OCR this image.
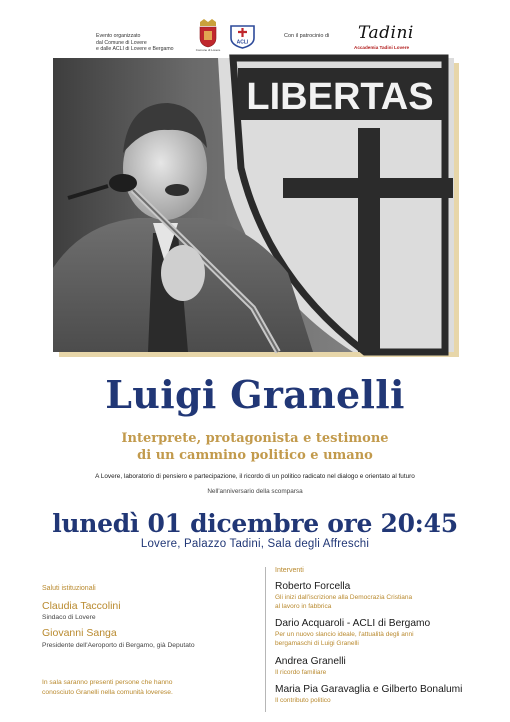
Evento organizzato
dal Comune di Lovere
e dalle ACLI di Lovere e Bergamo	Comune di Lovere
ACLI
Con il patrocinio di Tadini
Accademia Tadini Lovere
LIBERTAS
Luigi Granelli
Interprete, protagonista e testimone
di un cammino politico e umano
A Lovere, laboratorio di pensiero e partecipazione, il ricordo di un politico radicato nel dialogo e orientato al futuro
Nell'anniversario della scomparsa
lunedì 01 dicembre ore 20:45
Lovere, Palazzo Tadini, Sala degli Affreschi
Saluti istituzionali
Claudia Taccolini
Sindaco di Lovere
Giovanni Sanga
Presidente dell'Aeroporto di Bergamo, già Deputato
In sala saranno presenti persone che hanno
conosciuto Granelli nella comunità loverese.
Interventi
Roberto Forcella
Gli inizi dall'iscrizione alla Democrazia Cristiana
al lavoro in fabbrica
Dario Acquaroli - ACLI di Bergamo
Per un nuovo slancio ideale, l'attualità degli anni
bergamaschi di Luigi Granelli
Andrea Granelli
Il ricordo familiare
Maria Pia Garavaglia e Gilberto Bonalumi
Il contributo politico
